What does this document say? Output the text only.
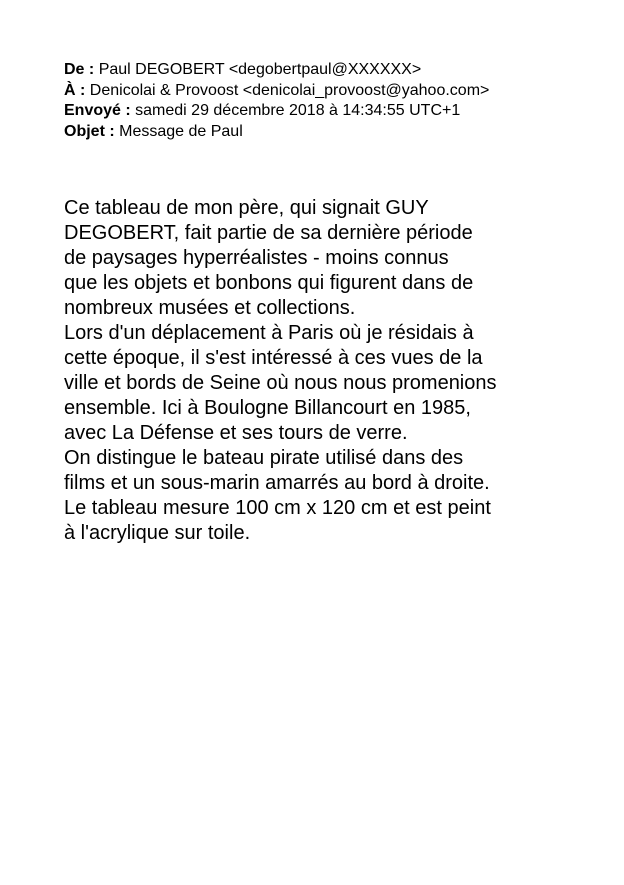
De : Paul DEGOBERT <degobertpaul@XXXXXX>
À : Denicolai & Provoost <denicolai_provoost@yahoo.com>
Envoyé : samedi 29 décembre 2018 à 14:34:55 UTC+1
Objet : Message de Paul
Ce tableau de mon père, qui signait GUY
DEGOBERT, fait partie de sa dernière période
de paysages hyperréalistes - moins connus
que les objets et bonbons qui figurent dans de
nombreux musées et collections.
Lors d'un déplacement à Paris où je résidais à
cette époque, il s'est intéressé à ces vues de la
ville et bords de Seine où nous nous promenions
ensemble. Ici à Boulogne Billancourt en 1985,
avec La Défense et ses tours de verre.
On distingue le bateau pirate utilisé dans des
films et un sous-marin amarrés au bord à droite.
Le tableau mesure 100 cm x 120 cm et est peint
à l'acrylique sur toile.
